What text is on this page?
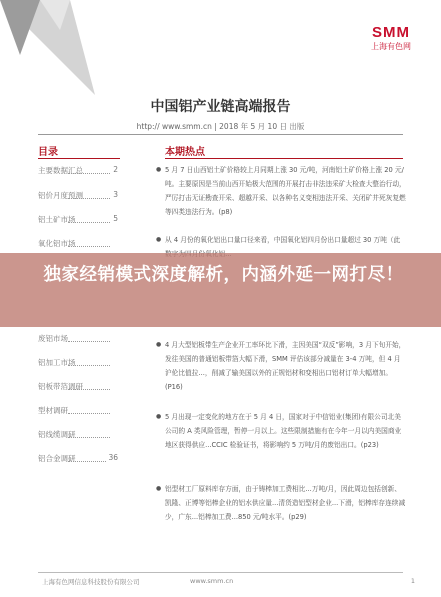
SMM
上海有色网
中国铝产业链高端报告
http:// www.smm.cn | 2018 年 5 月 10 日 出版
目录
主要数据汇总	2
铝价月度预测	3
铝土矿市场	5
氧化铝市场
废铝市场
铝加工市场
铝板带箔调研
型材调研
铝线缆调研
铝合金调研	36
本期热点
● 5 月 7 日山西铝土矿价格较上月同期上涨 30 元/吨，河南铝土矿价格上涨 20 元/吨。主要原因是当前山西开始极大范围的开展打击非法违采矿大检查大整治行动，严厉打击无证勘查开采、超越开采、以各种名义变相违法开采、关闭矿井死灰复燃等四类违法行为。(p8)
● 从 4 月份的氧化铝出口量口径来看，中国氧化铝四月份出口量超过 30 万吨（此
● 4 月大型铝板带生产企业开工率环比下滑，主因美国“双反”影响，3 月下旬开始，发往美国的普通铝板带箔大幅下滑，SMM 评估该部分减量在 3-4 万吨，但 4 月沪伦比值拉...，削减了输美国以外的正规铝材和变相出口铝材订单大幅增加。(P16)
● 5 月出现一定变化的地方在于 5 月 4 日，国家对于中信铝业(集团)有限公司北美公司的 A 类风险管理，暂停一月以上。这些限制措施有在今年一月以内美国商业地区获得供应...CCIC 检验证书，将影响约 5 万吨/月的废铝出口。(p23)
● 铝型材工厂原料库存方面，由于铸棒加工费相比...万吨/月，因此周边包括创新、凯隆、正博等铝棒企业的铝水供应量...清货造铝型材企业...下滑，铝棒库存连续减少，广东...铝棒加工费...850 元/吨水平。(p29)
独家经销模式深度解析，内涵外延一网打尽！
上海有色网信息科技股份有限公司	www.smm.cn	1
